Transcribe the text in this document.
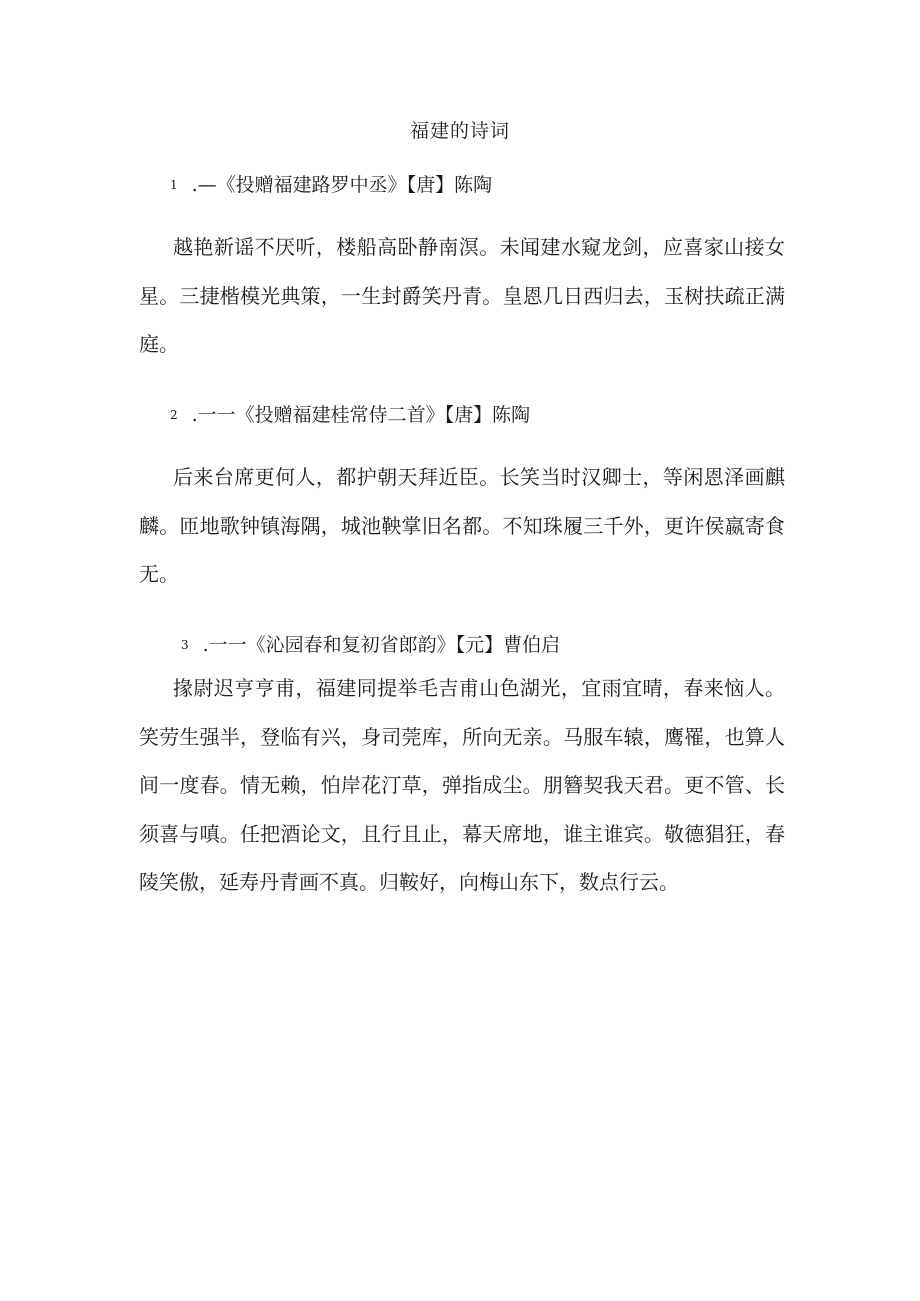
福建的诗词
1 .—《投赠福建路罗中丞》【唐】陈陶

越艳新谣不厌听，楼船高卧静南溟。未闻建水窥龙剑，应喜家山接女星。三捷楷模光典策，一生封爵笑丹青。皇恩几日西归去，玉树扶疏正满庭。

2 .一一《投赠福建桂常侍二首》【唐】陈陶

后来台席更何人，都护朝天拜近臣。长笑当时汉卿士，等闲恩泽画麒麟。匝地歌钟镇海隅，城池鞅掌旧名都。不知珠履三千外，更许侯嬴寄食无。

3 .一一《沁园春和复初省郎韵》【元】曹伯启

掾尉迟亨亨甫，福建同提举毛吉甫山色湖光，宜雨宜晴，春来恼人。笑劳生强半，登临有兴，身司莞库，所向无亲。马服车辕，鹰罹，也算人间一度春。情无赖，怕岸花汀草，弹指成尘。朋簪契我天君。更不管、长须喜与嗔。任把酒论文，且行且止，幕天席地，谁主谁宾。敬德猖狂，春陵笑傲，延寿丹青画不真。归鞍好，向梅山东下，数点行云。
